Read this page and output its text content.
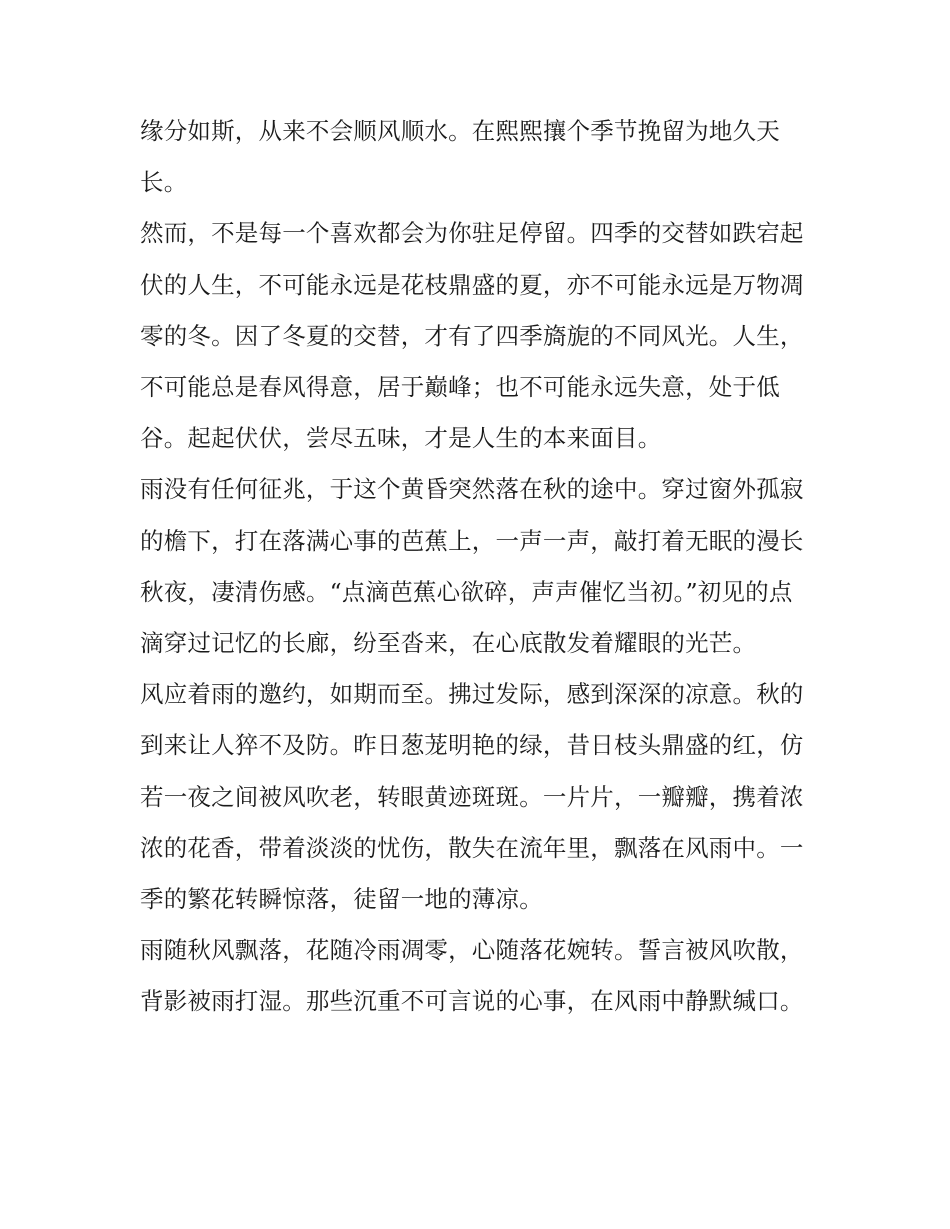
缘分如斯，从来不会顺风顺水。在熙熙攘个季节挽留为地久天长。

然而，不是每一个喜欢都会为你驻足停留。四季的交替如跌宕起伏的人生，不可能永远是花枝鼎盛的夏，亦不可能永远是万物凋零的冬。因了冬夏的交替，才有了四季旖旎的不同风光。人生，不可能总是春风得意，居于巅峰；也不可能永远失意，处于低谷。起起伏伏，尝尽五味，才是人生的本来面目。

雨没有任何征兆，于这个黄昏突然落在秋的途中。穿过窗外孤寂的檐下，打在落满心事的芭蕉上，一声一声，敲打着无眠的漫长秋夜，凄清伤感。“点滴芭蕉心欲碎，声声催忆当初。”初见的点滴穿过记忆的长廊，纷至沓来，在心底散发着耀眼的光芒。

风应着雨的邀约，如期而至。拂过发际，感到深深的凉意。秋的到来让人猝不及防。昨日葱茏明艳的绿，昔日枝头鼎盛的红，仿若一夜之间被风吹老，转眼黄迹斑斑。一片片，一瓣瓣，携着浓浓的花香，带着淡淡的忧伤，散失在流年里，飘落在风雨中。一季的繁花转瞬惊落，徒留一地的薄凉。

雨随秋风飘落，花随冷雨凋零，心随落花婉转。誓言被风吹散，背影被雨打湿。那些沉重不可言说的心事，在风雨中静默缄口。
